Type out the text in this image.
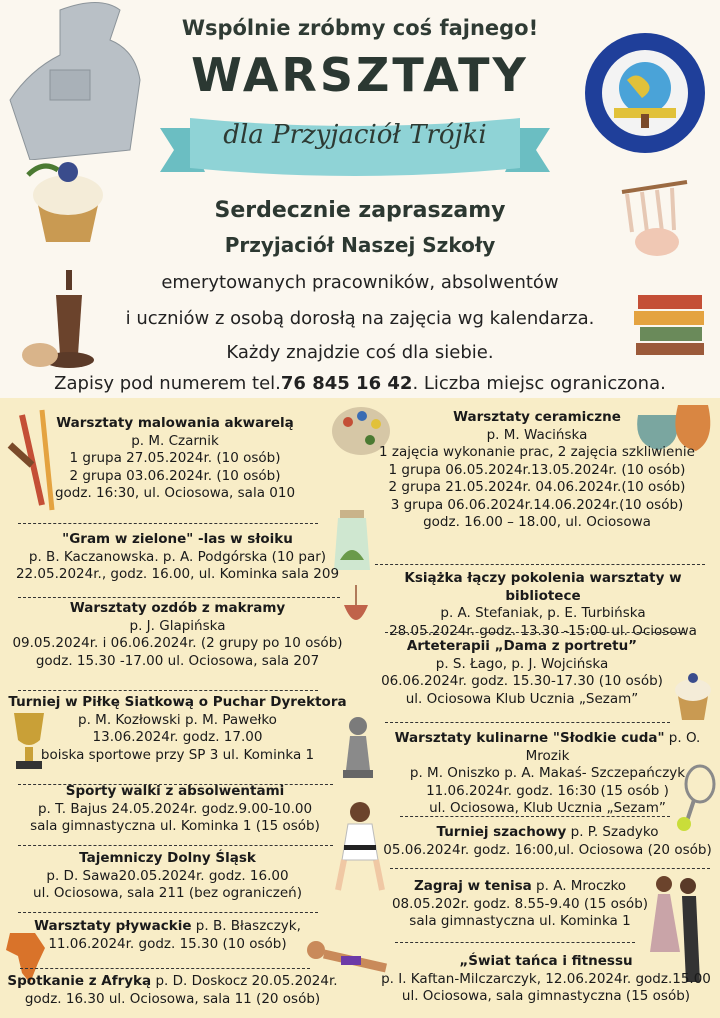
Wspólnie zróbmy coś fajnego!
WARSZTATY
dla Przyjaciół Trójki
Serdecznie zapraszamy
Przyjaciół Naszej Szkoły
emerytowanych pracowników, absolwentów
i uczniów z osobą dorosłą na zajęcia wg kalendarza.
Każdy znajdzie coś dla siebie.
Zapisy pod numerem tel.76 845 16 42. Liczba miejsc ograniczona.
Warsztaty malowania akwarelą
p. M. Czarnik
1 grupa 27.05.2024r. (10 osób)
2 grupa 03.06.2024r. (10 osób)
godz. 16:30, ul. Ociosowa, sala 010
"Gram w zielone" -las w słoiku
p. B. Kaczanowska. p. A. Podgórska (10 par)
22.05.2024r., godz. 16.00, ul. Kominka sala 209
Warsztaty ozdób z makramy
p. J. Glapińska
09.05.2024r. i 06.06.2024r. (2 grupy po 10 osób)
godz. 15.30 -17.00 ul. Ociosowa, sala 207
Turniej w Piłkę Siatkową o Puchar Dyrektora
p. M. Kozłowski p. M. Pawełko
13.06.2024r. godz. 17.00
boiska sportowe przy SP 3 ul. Kominka 1
Sporty walki z absolwentami
p. T. Bajus 24.05.2024r. godz.9.00-10.00
sala gimnastyczna ul. Kominka 1 (15 osób)
Tajemniczy Dolny Śląsk
p. D. Sawa20.05.2024r. godz. 16.00
ul. Ociosowa, sala 211 (bez ograniczeń)
Warsztaty pływackie p. B. Błaszczyk,
11.06.2024r. godz. 15.30 (10 osób)
Spotkanie z Afryką p. D. Doskocz 20.05.2024r.
godz. 16.30 ul. Ociosowa, sala 11 (20 osób)
Warsztaty ceramiczne
p. M. Wacińska
1 zajęcia wykonanie prac, 2 zajęcia szkliwienie
1 grupa 06.05.2024r.13.05.2024r. (10 osób)
2 grupa 21.05.2024r. 04.06.2024r.(10 osób)
3 grupa 06.06.2024r.14.06.2024r.(10 osób)
godz. 16.00 – 18.00, ul. Ociosowa
Książka łączy pokolenia warsztaty w bibliotece
p. A. Stefaniak, p. E. Turbińska
28.05.2024r. godz. 13.30 -15:00 ul. Ociosowa
Arteterapii „Dama z portretu”
p. S. Łago, p. J. Wojcińska
06.06.2024r. godz. 15.30-17.30 (10 osób)
ul. Ociosowa Klub Ucznia „Sezam”
Warsztaty kulinarne "Słodkie cuda" p. O. Mrozik
p. M. Oniszko p. A. Makaś- Szczepańczyk
11.06.2024r. godz. 16:30 (15 osób )
ul. Ociosowa, Klub Ucznia „Sezam”
Turniej szachowy p. P. Szadyko
05.06.2024r. godz. 16:00,ul. Ociosowa (20 osób)
Zagraj w tenisa p. A. Mroczko
08.05.202r. godz. 8.55-9.40 (15 osób)
sala gimnastyczna ul. Kominka 1
„Świat tańca i fitnessu
p. I. Kaftan-Milczarczyk, 12.06.2024r. godz.15.00
ul. Ociosowa, sala gimnastyczna (15 osób)
